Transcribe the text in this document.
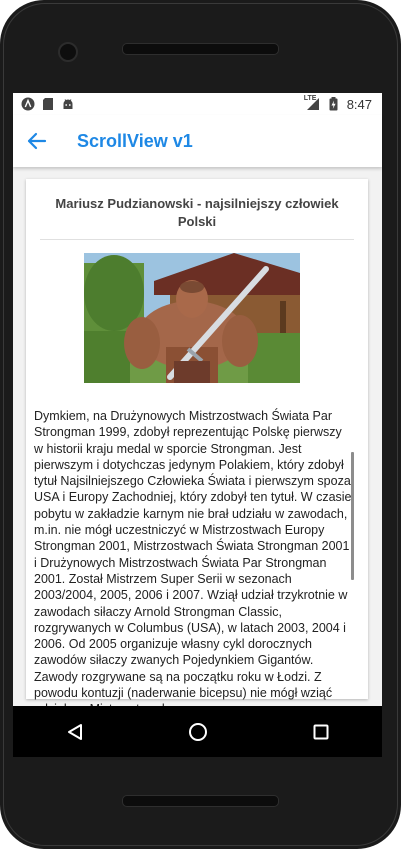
LTE 8:47
ScrollView v1
Mariusz Pudzianowski - najsilniejszy człowiek Polski
Dymkiem, na Drużynowych Mistrzostwach Świata Par Strongman 1999, zdobył reprezentując Polskę pierwszy w historii kraju medal w sporcie Strongman. Jest pierwszym i dotychczas jedynym Polakiem, który zdobył tytuł Najsilniejszego Człowieka Świata i pierwszym spoza USA i Europy Zachodniej, który zdobył ten tytuł. W czasie pobytu w zakładzie karnym nie brał udziału w zawodach, m.in. nie mógł uczestniczyć w Mistrzostwach Europy Strongman 2001, Mistrzostwach Świata Strongman 2001 i Drużynowych Mistrzostwach Świata Par Strongman 2001. Został Mistrzem Super Serii w sezonach 2003/2004, 2005, 2006 i 2007. Wziął udział trzykrotnie w zawodach siłaczy Arnold Strongman Classic, rozgrywanych w Columbus (USA), w latach 2003, 2004 i 2006. Od 2005 organizuje własny cykl dorocznych zawodów siłaczy zwanych Pojedynkiem Gigantów. Zawody rozgrywane są na początku roku w Łodzi. Z powodu kontuzji (naderwanie bicepsu) nie mógł wziąć
